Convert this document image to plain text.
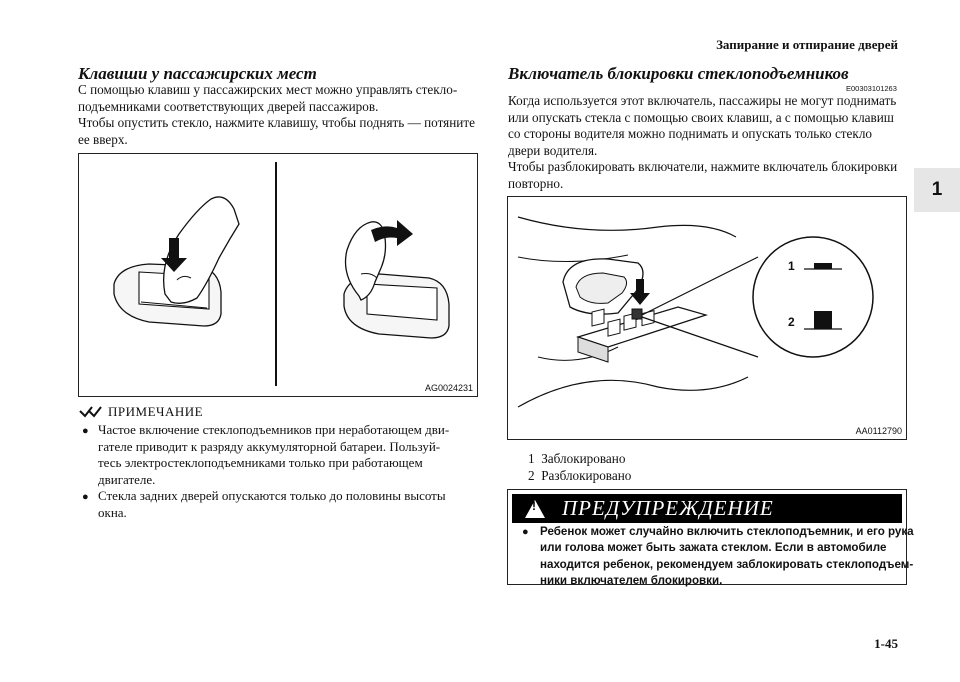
Запирание и отпирание дверей
1
1-45
Клавиши у пассажирских мест
С помощью клавиш у пассажирских мест можно управлять стекло-
подъемниками соответствующих дверей пассажиров.
Чтобы опустить стекло, нажмите клавишу, чтобы поднять — потяните
ее вверх.
AG0024231
ПРИМЕЧАНИЕ
● Частое включение стеклоподъемников при неработающем дви-
гателе приводит к разряду аккумуляторной батареи. Пользуй-
тесь электростеклоподъемниками только при работающем
двигателе.
● Стекла задних дверей опускаются только до половины высоты
окна.
Включатель блокировки стеклоподъемников
E00303101263
Когда используется этот включатель, пассажиры не могут поднимать
или опускать стекла с помощью своих клавиш, а с помощью клавиш
со стороны водителя можно поднимать и опускать только стекло
двери водителя.
Чтобы разблокировать включатели, нажмите включатель блокировки
повторно.
1
2
AA0112790
1 Заблокировано
2 Разблокировано
! ПРЕДУПРЕЖДЕНИЕ
● Ребенок может случайно включить стеклоподъемник, и его рука
или голова может быть зажата стеклом. Если в автомобиле
находится ребенок, рекомендуем заблокировать стеклоподъем-
ники включателем блокировки.
